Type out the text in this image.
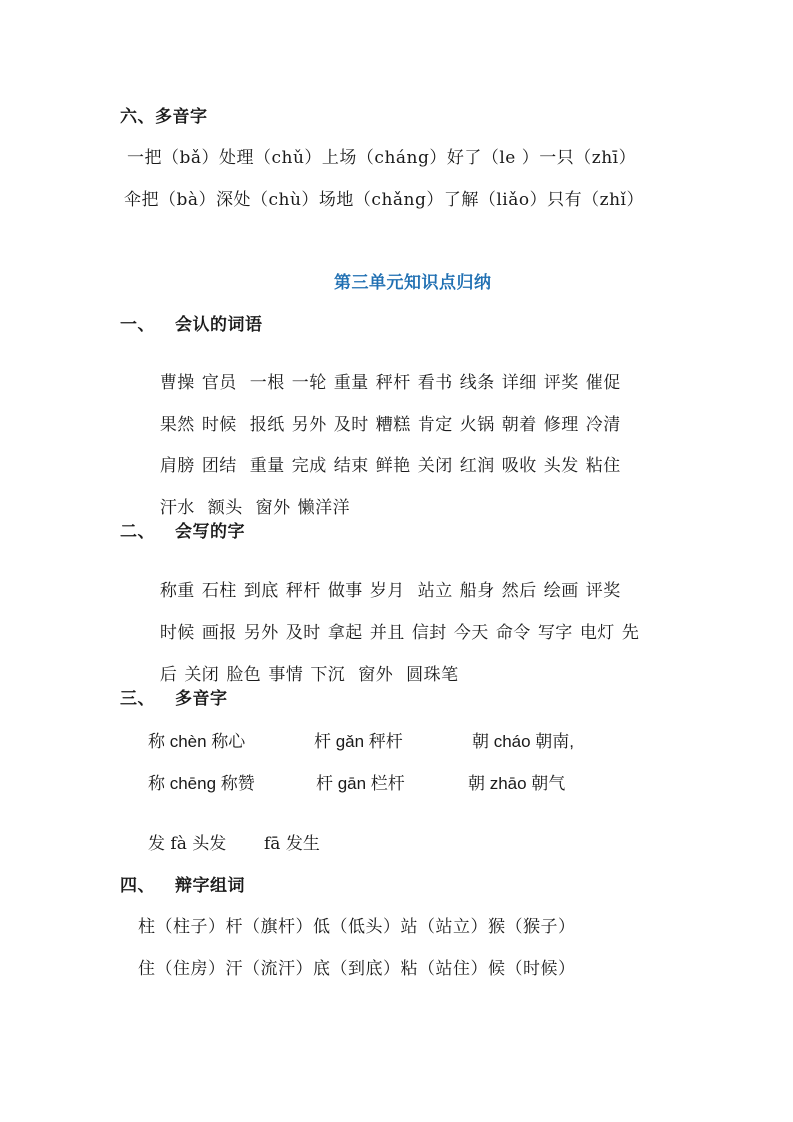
六、多音字
一把（bǎ）处理（chǔ）上场（cháng）好了（le ）一只（zhī）
伞把（bà）深处（chù）场地（chǎng）了解（liǎo）只有（zhǐ）
第三单元知识点归纳
一、 会认的词语

曹操 官员 一根 一轮 重量 秤杆 看书 线条 详细 评奖 催促

果然 时候 报纸 另外 及时 糟糕 肯定 火锅 朝着 修理 冷清

肩膀 团结 重量 完成 结束 鲜艳 关闭 红润 吸收 头发 粘住

汗水 额头 窗外 懒洋洋

二、 会写的字

称重 石柱 到底 秤杆 做事 岁月 站立 船身 然后 绘画 评奖

时候 画报 另外 及时 拿起 并且 信封 今天 命令 写字 电灯 先

后 关闭 脸色 事情 下沉 窗外 圆珠笔

三、 多音字
称 chèn 称心	杆 gǎn 秤杆	朝 cháo 朝南,
称 chēng 称赞	杆 gān 栏杆	朝 zhāo 朝气
发 fà 头发 fā 发生
四、 辩字组词
柱（柱子）杆（旗杆）低（低头）站（站立）猴（猴子）
住（住房）汗（流汗）底（到底）粘（站住）候（时候）
